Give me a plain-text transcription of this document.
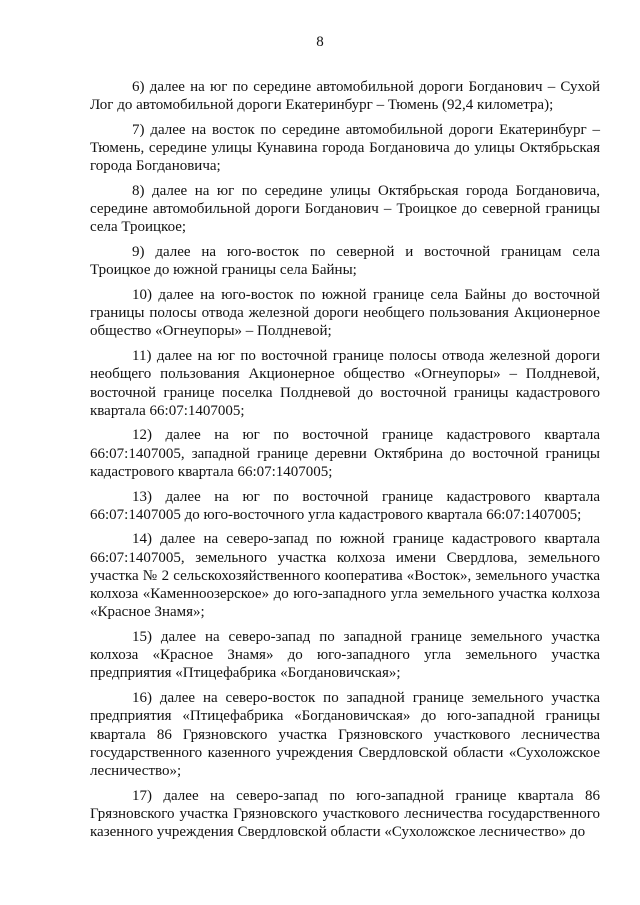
8

6) далее на юг по середине автомобильной дороги Богданович – Сухой Лог до автомобильной дороги Екатеринбург – Тюмень (92,4 километра);

7) далее на восток по середине автомобильной дороги Екатеринбург – Тюмень, середине улицы Кунавина города Богдановича до улицы Октябрьская города Богдановича;

8) далее на юг по середине улицы Октябрьская города Богдановича, середине автомобильной дороги Богданович – Троицкое до северной границы села Троицкое;

9) далее на юго-восток по северной и восточной границам села Троицкое до южной границы села Байны;

10) далее на юго-восток по южной границе села Байны до восточной границы полосы отвода железной дороги необщего пользования Акционерное общество «Огнеупоры» – Полдневой;

11) далее на юг по восточной границе полосы отвода железной дороги необщего пользования Акционерное общество «Огнеупоры» – Полдневой, восточной границе поселка Полдневой до восточной границы кадастрового квартала 66:07:1407005;

12) далее на юг по восточной границе кадастрового квартала 66:07:1407005, западной границе деревни Октябрина до восточной границы кадастрового квартала 66:07:1407005;

13) далее на юг по восточной границе кадастрового квартала 66:07:1407005 до юго-восточного угла кадастрового квартала 66:07:1407005;

14) далее на северо-запад по южной границе кадастрового квартала 66:07:1407005, земельного участка колхоза имени Свердлова, земельного участка № 2 сельскохозяйственного кооператива «Восток», земельного участка колхоза «Каменноозерское» до юго-западного угла земельного участка колхоза «Красное Знамя»;

15) далее на северо-запад по западной границе земельного участка колхоза «Красное Знамя» до юго-западного угла земельного участка предприятия «Птицефабрика «Богдановичская»;

16) далее на северо-восток по западной границе земельного участка предприятия «Птицефабрика «Богдановичская» до юго-западной границы квартала 86 Грязновского участка Грязновского участкового лесничества государственного казенного учреждения Свердловской области «Сухоложское лесничество»;

17) далее на северо-запад по юго-западной границе квартала 86 Грязновского участка Грязновского участкового лесничества государственного казенного учреждения Свердловской области «Сухоложское лесничество» до
